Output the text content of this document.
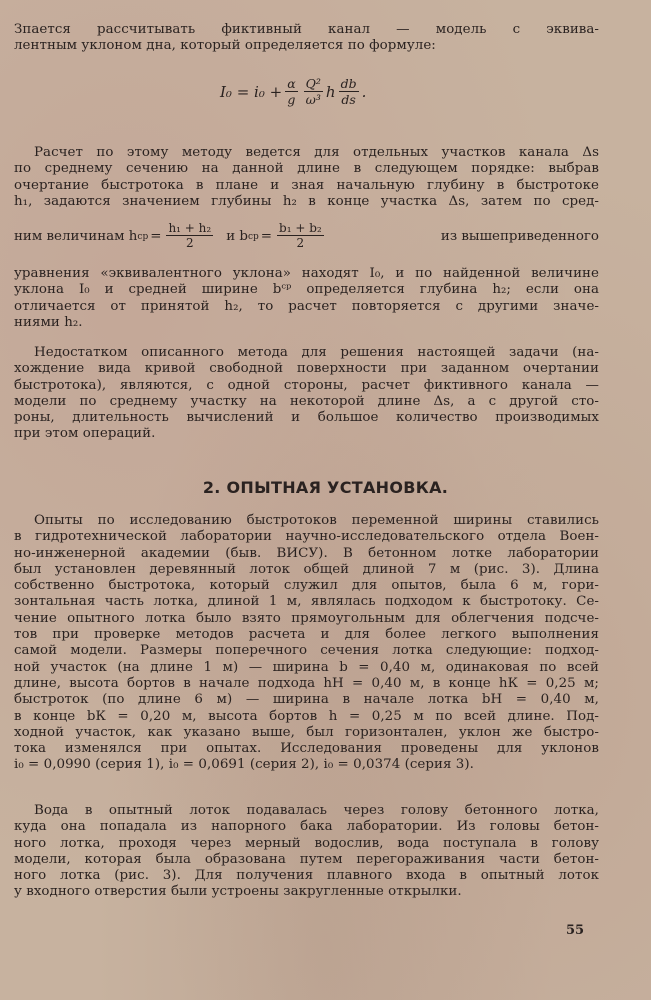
Зпается рассчитывать фиктивный канал — модель с эквива-
лентным уклоном дна, который определяется по формуле:
$I_0 = i_0 + \frac{\alpha}{g} \frac{\text{Q²}}{\text{ω³}}$ h $\frac{db}{ds}$ .
Расчет по этому методу ведется для отдельных участков канала Δs
по среднему сечению на данной длине в следующем порядке: выбрав
очертание быстротока в плане и зная начальную глубину в быстротоке
h₁, задаются значением глубины h₂ в конце участка Δs, затем по сред-
ним величинам h ср = $\frac{\text{h₁ + h₂}}{2}$ и b ср = $\frac{\text{b₁ + b₂}}{2}$	из вышеприведенного
уравнения «эквивалентного уклона» находят I₀, и по найденной величине
уклона I₀ и средней ширине bᶜᵖ определяется глубина h₂; если она
отличается от принятой h₂, то расчет повторяется с другими значе-
ниями h₂.
Недостатком описанного метода для решения настоящей задачи (на-
хождение вида кривой свободной поверхности при заданном очертании
быстротока), являются, с одной стороны, расчет фиктивного канала —
модели по среднему участку на некоторой длине Δs, а с другой сто-
роны, длительность вычислений и большое количество производимых
при этом операций.
2. ОПЫТНАЯ УСТАНОВКА.
Опыты по исследованию быстротоков переменной ширины ставились
в гидротехнической лаборатории научно-исследовательского отдела Воен-
но-инженерной академии (быв. ВИСУ). В бетонном лотке лаборатории
был установлен деревянный лоток общей длиной 7 м (рис. 3). Длина
собственно быстротока, который служил для опытов, была 6 м, гори-
зонтальная часть лотка, длиной 1 м, являлась подходом к быстротоку. Се-
чение опытного лотка было взято прямоугольным для облегчения подсче-
тов при проверке методов расчета и для более легкого выполнения
самой модели. Размеры поперечного сечения лотка следующие: подход-
ной участок (на длине 1 м) — ширина b = 0,40 м, одинаковая по всей
длине, высота бортов в начале подхода hН = 0,40 м, в конце hК = 0,25 м;
быстроток (по длине 6 м) — ширина в начале лотка bН = 0,40 м,
в конце bК = 0,20 м, высота бортов h = 0,25 м по всей длине. Под-
ходной участок, как указано выше, был горизонтален, уклон же быстро-
тока изменялся при опытах. Исследования проведены для уклонов
i₀ = 0,0990 (серия 1), i₀ = 0,0691 (серия 2), i₀ = 0,0374 (серия 3).
Вода в опытный лоток подавалась через голову бетонного лотка,
куда она попадала из напорного бака лаборатории. Из головы бетон-
ного лотка, проходя через мерный водослив, вода поступала в голову
модели, которая была образована путем перегораживания части бетон-
ного лотка (рис. 3). Для получения плавного входа в опытный лоток
у входного отверстия были устроены закругленные открылки.
55
